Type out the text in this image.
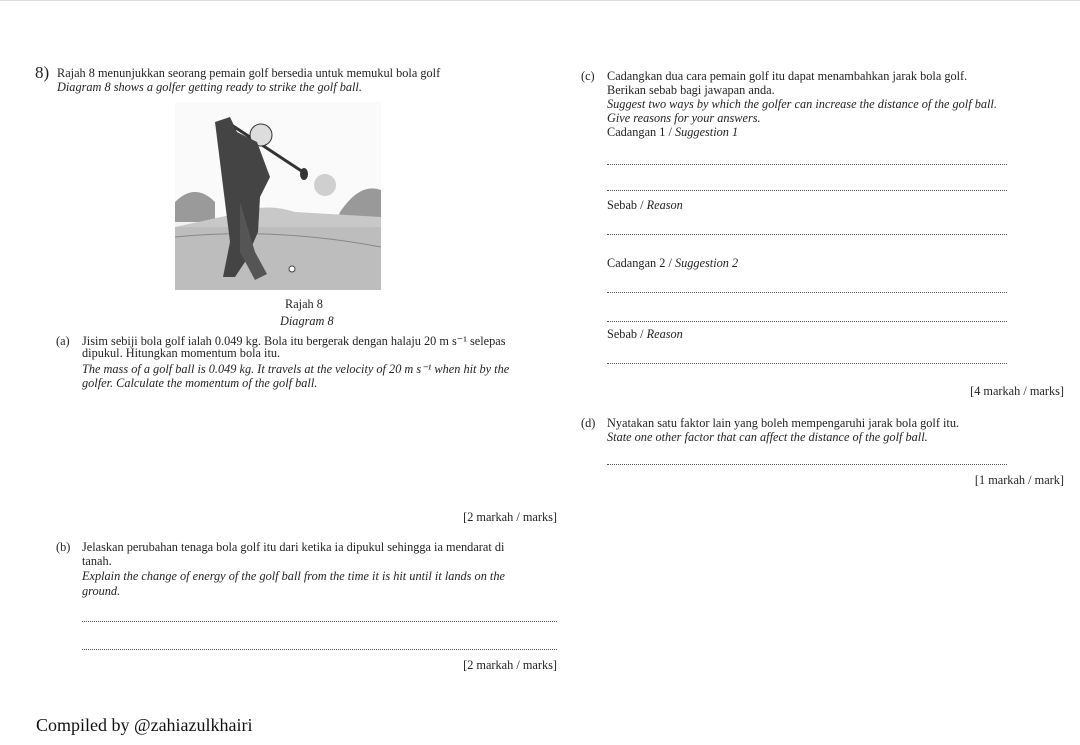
8) Rajah 8 menunjukkan seorang pemain golf bersedia untuk memukul bola golf
Diagram 8 shows a golfer getting ready to strike the golf ball.
Rajah 8
Diagram 8
(a) Jisim sebiji bola golf ialah 0.049 kg. Bola itu bergerak dengan halaju 20 m s⁻¹ selepas
dipukul. Hitungkan momentum bola itu.
The mass of a golf ball is 0.049 kg. It travels at the velocity of 20 m s⁻¹ when hit by the
golfer. Calculate the momentum of the golf ball.
[2 markah / marks]
(b) Jelaskan perubahan tenaga bola golf itu dari ketika ia dipukul sehingga ia mendarat di
tanah.
Explain the change of energy of the golf ball from the time it is hit until it lands on the
ground.
[2 markah / marks]
(c) Cadangkan dua cara pemain golf itu dapat menambahkan jarak bola golf.
Berikan sebab bagi jawapan anda.
Suggest two ways by which the golfer can increase the distance of the golf ball.
Give reasons for your answers.
Cadangan 1 / Suggestion 1
Sebab / Reason
Cadangan 2 / Suggestion 2
Sebab / Reason
[4 markah / marks]
(d) Nyatakan satu faktor lain yang boleh mempengaruhi jarak bola golf itu.
State one other factor that can affect the distance of the golf ball.
[1 markah / mark]
Compiled by @zahiazulkhairi
